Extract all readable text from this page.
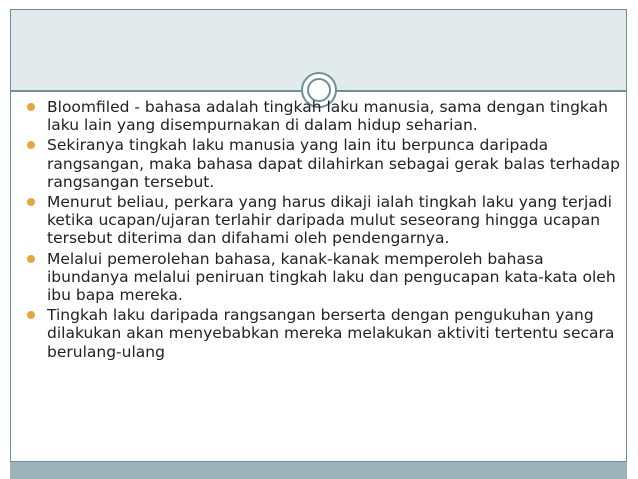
Bloomfiled - bahasa adalah tingkah laku manusia, sama dengan tingkah laku lain yang disempurnakan di dalam hidup seharian.
Sekiranya tingkah laku manusia yang lain itu berpunca daripada rangsangan, maka bahasa dapat dilahirkan sebagai gerak balas terhadap rangsangan tersebut.
Menurut beliau, perkara yang harus dikaji ialah tingkah laku yang terjadi ketika ucapan/ujaran terlahir daripada mulut seseorang hingga ucapan tersebut diterima dan difahami oleh pendengarnya.
Melalui pemerolehan bahasa, kanak-kanak memperoleh bahasa ibundanya melalui peniruan tingkah laku dan pengucapan kata-kata oleh ibu bapa mereka.
Tingkah laku daripada rangsangan berserta dengan pengukuhan yang dilakukan akan menyebabkan mereka melakukan aktiviti tertentu secara berulang-ulang
